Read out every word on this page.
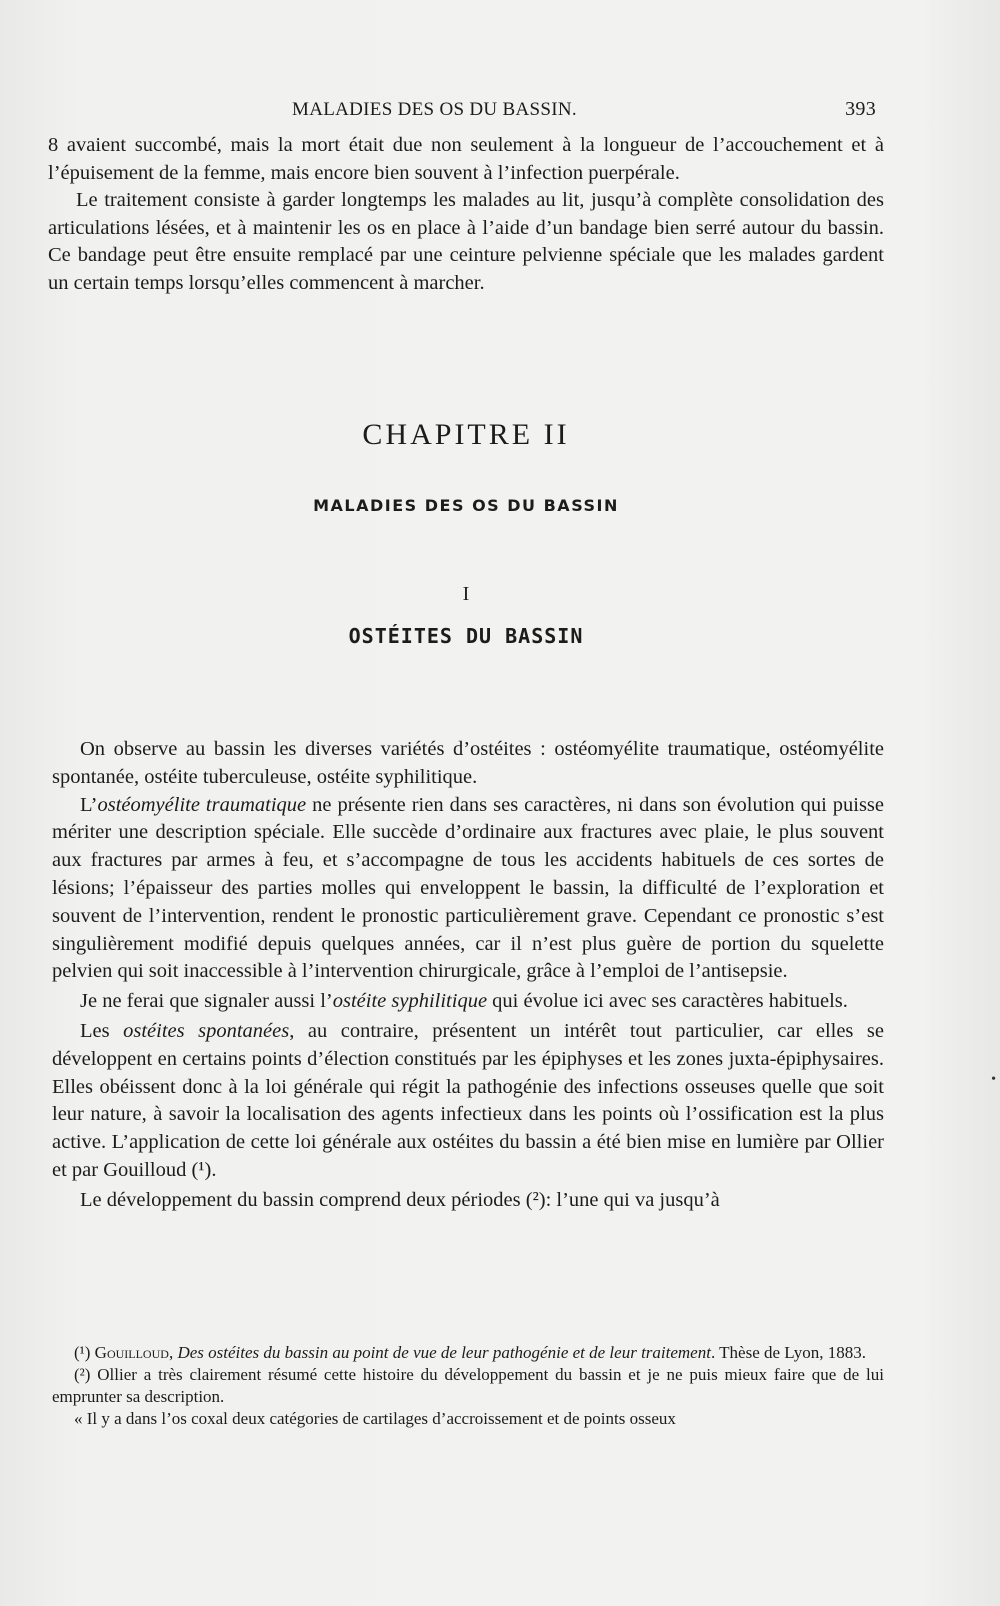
MALADIES DES OS DU BASSIN.	393

8 avaient succombé, mais la mort était due non seulement à la longueur de l’accouchement et à l’épuisement de la femme, mais encore bien souvent à l’infection puerpérale.

Le traitement consiste à garder longtemps les malades au lit, jusqu’à complète consolidation des articulations lésées, et à maintenir les os en place à l’aide d’un bandage bien serré autour du bassin. Ce bandage peut être ensuite remplacé par une ceinture pelvienne spéciale que les malades gardent un certain temps lorsqu’elles commencent à marcher.

CHAPITRE II
MALADIES DES OS DU BASSIN
I
OSTÉITES DU BASSIN

On observe au bassin les diverses variétés d’ostéites : ostéomyélite traumatique, ostéomyélite spontanée, ostéite tuberculeuse, ostéite syphilitique.

L’ostéomyélite traumatique ne présente rien dans ses caractères, ni dans son évolution qui puisse mériter une description spéciale. Elle succède d’ordinaire aux fractures avec plaie, le plus souvent aux fractures par armes à feu, et s’accompagne de tous les accidents habituels de ces sortes de lésions; l’épaisseur des parties molles qui enveloppent le bassin, la difficulté de l’exploration et souvent de l’intervention, rendent le pronostic particulièrement grave. Cependant ce pronostic s’est singulièrement modifié depuis quelques années, car il n’est plus guère de portion du squelette pelvien qui soit inaccessible à l’intervention chirurgicale, grâce à l’emploi de l’antisepsie.

Je ne ferai que signaler aussi l’ostéite syphilitique qui évolue ici avec ses caractères habituels.

Les ostéites spontanées, au contraire, présentent un intérêt tout particulier, car elles se développent en certains points d’élection constitués par les épiphyses et les zones juxta-épiphysaires. Elles obéissent donc à la loi générale qui régit la pathogénie des infections osseuses quelle que soit leur nature, à savoir la localisation des agents infectieux dans les points où l’ossification est la plus active. L’application de cette loi générale aux ostéites du bassin a été bien mise en lumière par Ollier et par Gouilloud (¹).

Le développement du bassin comprend deux périodes (²): l’une qui va jusqu’à

(¹) Gouilloud, Des ostéites du bassin au point de vue de leur pathogénie et de leur traitement. Thèse de Lyon, 1883.

(²) Ollier a très clairement résumé cette histoire du développement du bassin et je ne puis mieux faire que de lui emprunter sa description.

« Il y a dans l’os coxal deux catégories de cartilages d’accroissement et de points osseux

•
